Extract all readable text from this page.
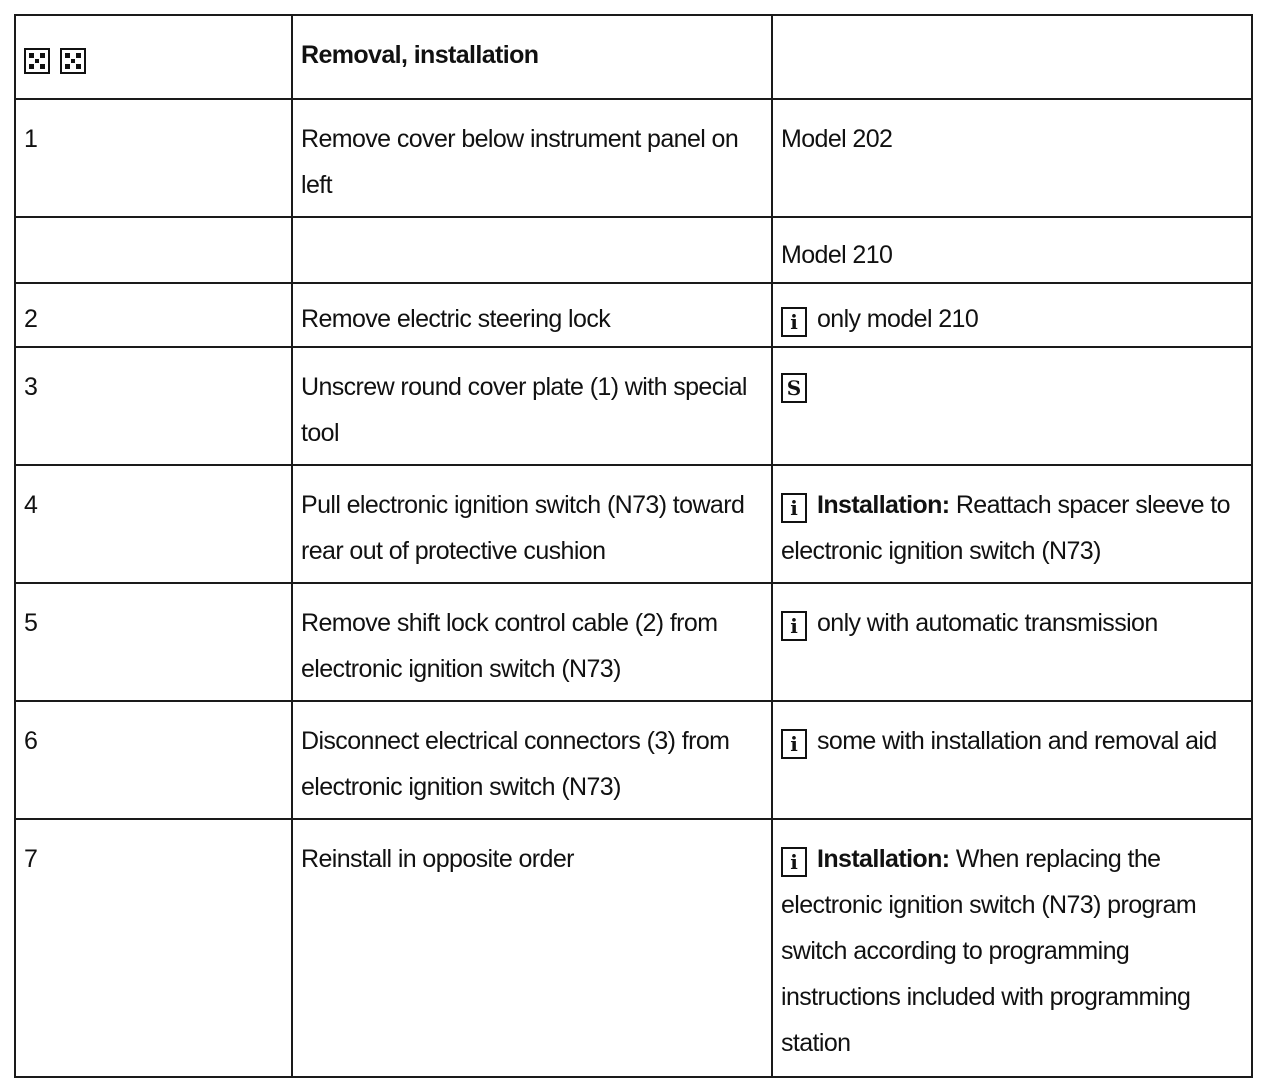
	Removal, installation	
1	Remove cover below instrument panel on left	Model 202
		Model 210
2	Remove electric steering lock	i only model 210
3	Unscrew round cover plate (1) with special tool	S
4	Pull electronic ignition switch (N73) toward rear out of protective cushion	i Installation: Reattach spacer sleeve to electronic ignition switch (N73)
5	Remove shift lock control cable (2) from electronic ignition switch (N73)	i only with automatic transmission
6	Disconnect electrical connectors (3) from electronic ignition switch (N73)	i some with installation and removal aid
7	Reinstall in opposite order	i Installation: When replacing the electronic ignition switch (N73) program switch according to programming instructions included with programming station
